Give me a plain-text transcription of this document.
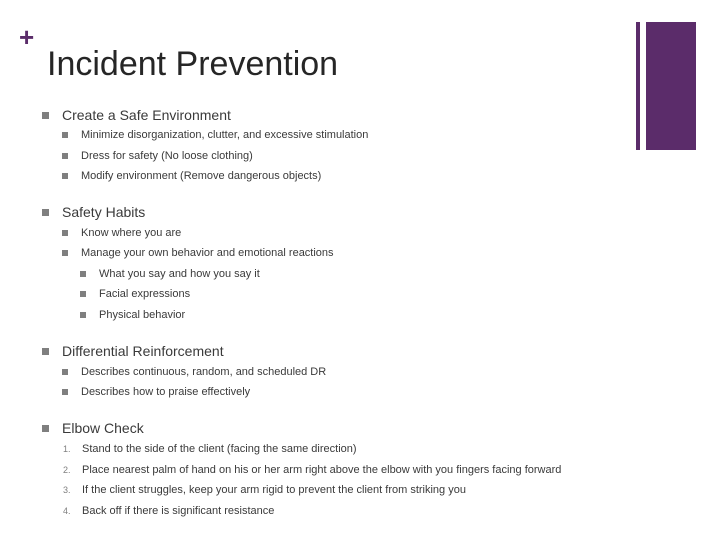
+
Incident Prevention
Create a Safe Environment
Minimize disorganization, clutter, and excessive stimulation
Dress for safety (No loose clothing)
Modify environment (Remove dangerous objects)
Safety Habits
Know where you are
Manage your own behavior and emotional reactions
What you say and how you say it
Facial expressions
Physical behavior
Differential Reinforcement
Describes continuous, random, and scheduled DR
Describes how to praise effectively
Elbow Check
1.	Stand to the side of the client (facing the same direction)
2.	Place nearest palm of hand on his or her arm right above the elbow with you fingers facing forward
3.	If the client struggles, keep your arm rigid to prevent the client from striking you
4.	Back off if there is significant resistance
